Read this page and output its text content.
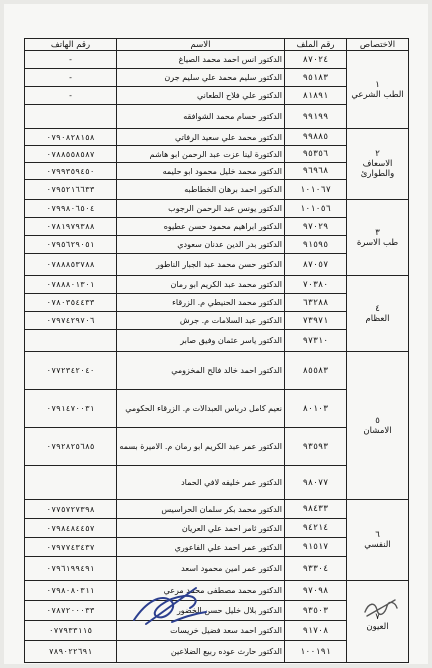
الاختصاص	رقم الملف	الاسم	رقم الهاتف

١
الطب الشرعي	٨٧٠٢٤	الدكتور انس احمد محمد الصياغ	-
	٩٥١٨٣	الدكتور سليم محمد علي سليم جرن	-
	٨١٨٩١	الدكتور علي فلاح الطعاني	-
	٩٩١٩٩	الدكتور حسام محمد الشوافقه	

٢
الاسعاف والطوارئ	٩٩٨٨٥	الدكتور محمد علي سعيد الرفاتي	٠٧٩٠٨٢٨١٥٨
	٩٥٣٥٦	الدكتورة لينا عزت عبد الرحمن ابو هاشم	٠٧٨٨٥٥٨٥٨٧
	٩٦٩٦٨	الدكتور محمد خليل محمود ابو حليمه	٠٧٩٩٣٥٩٤٥٠
	١٠١٠٦٧	الدكتور احمد برهان الخطاطبه	٠٧٩٥٢١٦٦٣٣

٣
طب الاسرة	١٠١٠٥٦	الدكتور يونس عبد الرحمن الرجوب	٠٧٩٩٨٠٦٥٠٤
	٩٧٠٢٩	الدكتور ابراهيم محمود حسن عطيوه	٠٧٨١٩٧٩٣٨٨
	٩١٥٩٥	الدكتور بدر الدين عدنان سعودي	٠٧٩٥٦٢٩٠٥١
	٨٧٠٥٧	الدكتور حسن محمد عبد الجبار الناطور	٠٧٨٨٨٥٣٧٨٨

٤
العظام	٧٠٣٨٠	الدكتور محمد عبد الكريم ابو رمان	٠٧٨٨٨٠١٣٠١
	٦٣٢٨٨	الدكتور محمد الحنيطي م. الزرقاء	٠٧٨٠٣٥٤٤٣٣
	٧٣٩٧١	الدكتور عبد السلامات م. جرش	٠٧٩٧٤٢٩٧٠٦
	٩٧٣١٠	الدكتور ياسر عثمان وفيق صابر	

٥
الامشان	٨٥٥٨٣	الدكتور احمد خالد فالح المخزومي	٠٧٧٢٣٤٢٠٤٠
	٨٠١٠٣	نعيم كامل درباس العبدالات م. الزرقاء الحكومي	٠٧٩١٤٧٠٠٣١
	٩٣٥٩٣	الدكتور عمر عبد الكريم ابو رمان م. الاميرة بسمه	٠٧٩٢٨٢٥٦٨٥
	٩٨٠٧٧	الدكتور عمر خليفه لافي الحماد	

٦
النفسي	٩٨٤٣٣	الدكتور محمد بكر سلمان الحراسيس	٠٧٧٥٧٢٧٣٩٨
	٩٤٢١٤	الدكتور ثامر احمد علي العريان	٠٧٩٨٤٨٤٤٥٧
	٩١٥١٧	الدكتور عمر احمد علي الفاعوري	٠٧٩٧٧٤٣٤٣٧
	٩٣٣٠٤	الدكتور عمر امين محمود اسعد	٠٧٩٦١٩٩٤٩١

٧
العيون	٩٧٠٩٨	الدكتور محمد مصطفى محمد مرعي	٠٧٩٨٠٨٠٣١١
	٩٣٥٠٣	الدكتور بلال خليل حسن الخضور	٠٧٨٧٢٠٠٠٣٣
	٩١٧٠٨	الدكتور احمد سعد فضيل خريسات	٠٧٧٩٣٣١١٥
	١٠٠١٩١	الدكتور حارث عوده ربيع الضلاعين	٧٨٩٠٢٢٦٩١
